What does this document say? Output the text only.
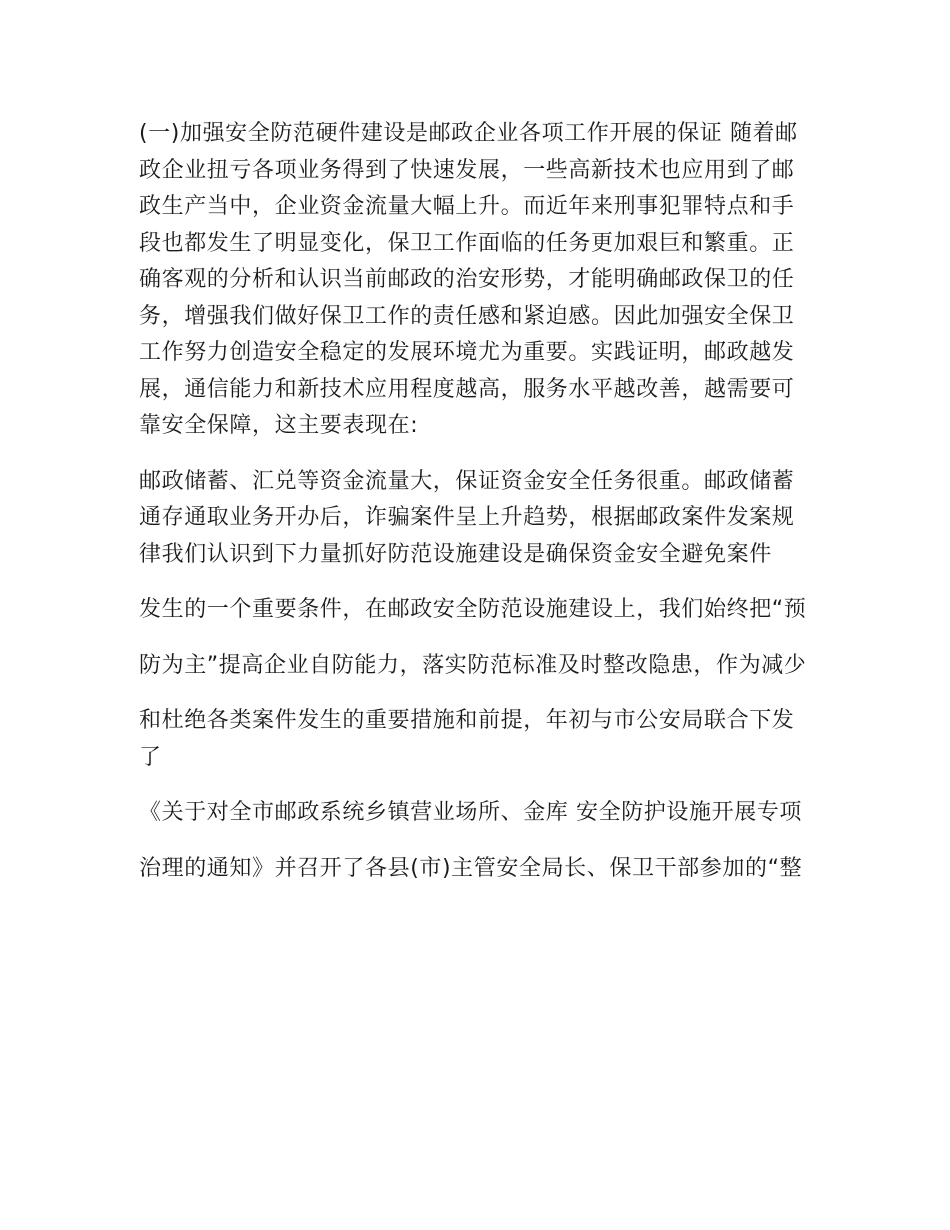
(一)加强安全防范硬件建设是邮政企业各项工作开展的保证 随着邮政企业扭亏各项业务得到了快速发展，一些高新技术也应用到了邮政生产当中，企业资金流量大幅上升。而近年来刑事犯罪特点和手段也都发生了明显变化，保卫工作面临的任务更加艰巨和繁重。正确客观的分析和认识当前邮政的治安形势，才能明确邮政保卫的任务，增强我们做好保卫工作的责任感和紧迫感。因此加强安全保卫工作努力创造安全稳定的发展环境尤为重要。实践证明，邮政越发展，通信能力和新技术应用程度越高，服务水平越改善，越需要可靠安全保障，这主要表现在:

邮政储蓄、汇兑等资金流量大，保证资金安全任务很重。邮政储蓄通存通取业务开办后，诈骗案件呈上升趋势，根据邮政案件发案规律我们认识到下力量抓好防范设施建设是确保资金安全避免案件

发生的一个重要条件，在邮政安全防范设施建设上，我们始终把“预

防为主”提高企业自防能力，落实防范标准及时整改隐患，作为减少

和杜绝各类案件发生的重要措施和前提，年初与市公安局联合下发了

《关于对全市邮政系统乡镇营业场所、金库 安全防护设施开展专项

治理的通知》并召开了各县(市)主管安全局长、保卫干部参加的“整
